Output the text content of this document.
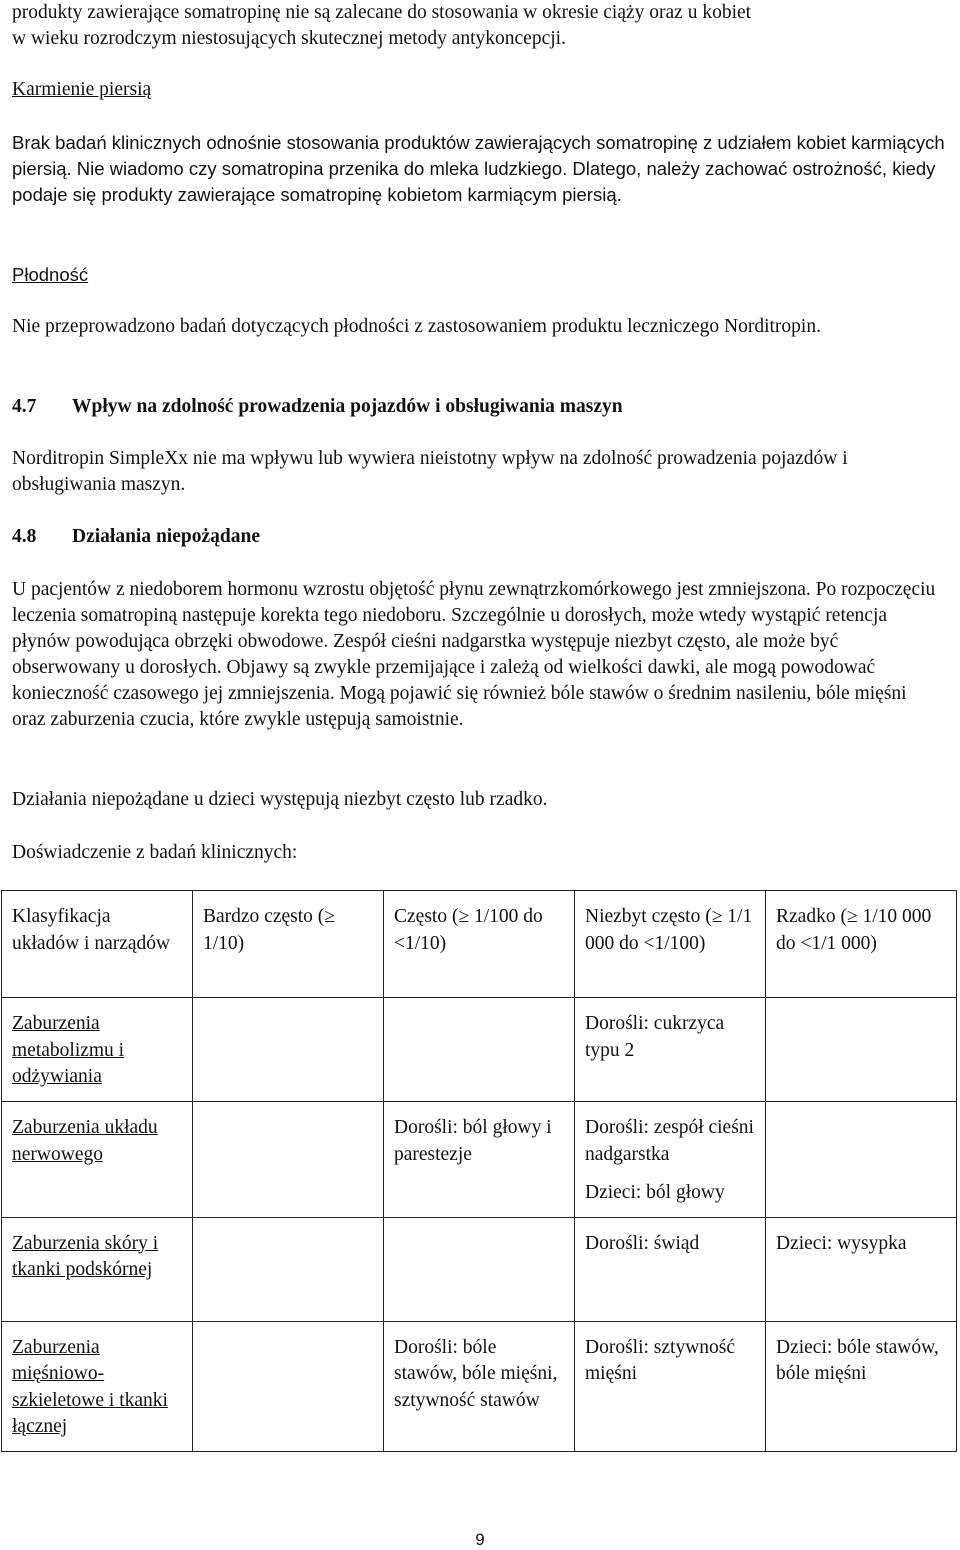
produkty zawierające somatropinę nie są zalecane do stosowania w okresie ciąży oraz u kobiet
w wieku rozrodczym niestosujących skutecznej metody antykoncepcji.
Karmienie piersią
Brak badań klinicznych odnośnie stosowania produktów zawierających somatropinę z udziałem kobiet karmiących piersią. Nie wiadomo czy somatropina przenika do mleka ludzkiego. Dlatego, należy zachować ostrożność, kiedy podaje się produkty zawierające somatropinę kobietom karmiącym piersią.
Płodność
Nie przeprowadzono badań dotyczących płodności z zastosowaniem produktu leczniczego Norditropin.
4.7 Wpływ na zdolność prowadzenia pojazdów i obsługiwania maszyn
Norditropin SimpleXx nie ma wpływu lub wywiera nieistotny wpływ na zdolność prowadzenia pojazdów i obsługiwania maszyn.
4.8 Działania niepożądane
U pacjentów z niedoborem hormonu wzrostu objętość płynu zewnątrzkomórkowego jest zmniejszona. Po rozpoczęciu leczenia somatropiną następuje korekta tego niedoboru. Szczególnie u dorosłych, może wtedy wystąpić retencja płynów powodująca obrzęki obwodowe. Zespół cieśni nadgarstka występuje niezbyt często, ale może być obserwowany u dorosłych. Objawy są zwykle przemijające i zależą od wielkości dawki, ale mogą powodować konieczność czasowego jej zmniejszenia. Mogą pojawić się również bóle stawów o średnim nasileniu, bóle mięśni oraz zaburzenia czucia, które zwykle ustępują samoistnie.
Działania niepożądane u dzieci występują niezbyt często lub rzadko.
Doświadczenie z badań klinicznych:
Klasyfikacja układów i narządów	Bardzo często (≥ 1/10)	Często (≥ 1/100 do <1/10)	Niezbyt często (≥ 1/1 000 do <1/100)	Rzadko (≥ 1/10 000 do <1/1 000)
Zaburzenia metabolizmu i odżywiania			Dorośli: cukrzyca typu 2	
Zaburzenia układu nerwowego		Dorośli: ból głowy i parestezje	Dorośli: zespół cieśni nadgarstka
Dzieci: ból głowy	

Zaburzenia skóry i tkanki podskórnej			Dorośli: świąd	Dzieci: wysypka
Zaburzenia mięśniowo-szkieletowe i tkanki łącznej		Dorośli: bóle stawów, bóle mięśni, sztywność stawów	Dorośli: sztywność mięśni	Dzieci: bóle stawów, bóle mięśni
9
